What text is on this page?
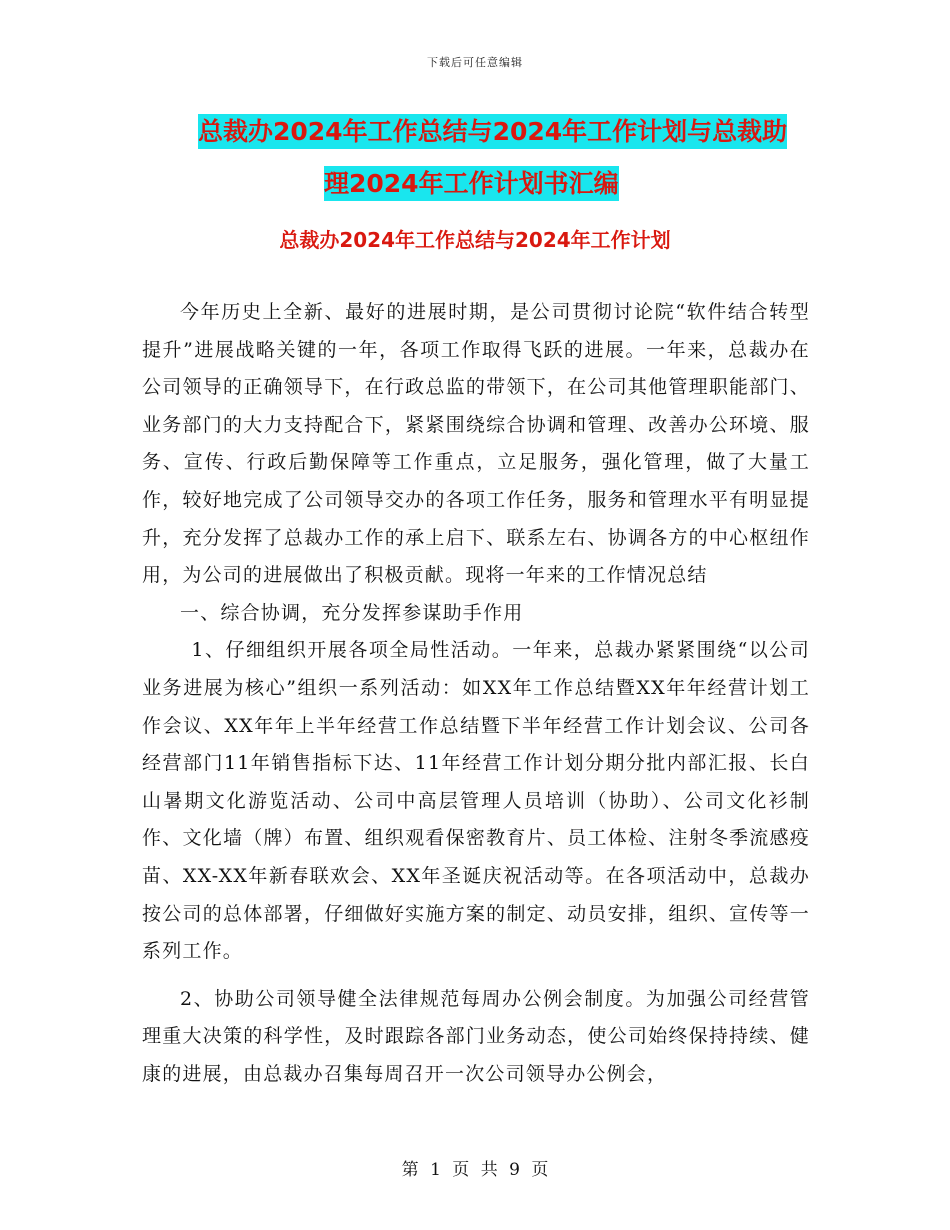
下载后可任意编辑
总裁办2024年工作总结与2024年工作计划与总裁助
理2024年工作计划书汇编
总裁办2024年工作总结与2024年工作计划

今年历史上全新、最好的进展时期，是公司贯彻讨论院“软件结合转型提升”进展战略关键的一年，各项工作取得飞跃的进展。一年来，总裁办在公司领导的正确领导下，在行政总监的带领下，在公司其他管理职能部门、业务部门的大力支持配合下，紧紧围绕综合协调和管理、改善办公环境、服务、宣传、行政后勤保障等工作重点，立足服务，强化管理，做了大量工作，较好地完成了公司领导交办的各项工作任务，服务和管理水平有明显提升，充分发挥了总裁办工作的承上启下、联系左右、协调各方的中心枢纽作用，为公司的进展做出了积极贡献。现将一年来的工作情况总结

一、综合协调，充分发挥参谋助手作用

1、仔细组织开展各项全局性活动。一年来，总裁办紧紧围绕“以公司业务进展为核心”组织一系列活动：如XX年工作总结暨XX年年经营计划工作会议、XX年年上半年经营工作总结暨下半年经营工作计划会议、公司各经营部门11年销售指标下达、11年经营工作计划分期分批内部汇报、长白山暑期文化游览活动、公司中高层管理人员培训（协助）、公司文化衫制作、文化墙（牌）布置、组织观看保密教育片、员工体检、注射冬季流感疫苗、XX-XX年新春联欢会、XX年圣诞庆祝活动等。在各项活动中，总裁办按公司的总体部署，仔细做好实施方案的制定、动员安排，组织、宣传等一系列工作。

2、协助公司领导健全法律规范每周办公例会制度。为加强公司经营管理重大决策的科学性，及时跟踪各部门业务动态，使公司始终保持持续、健康的进展，由总裁办召集每周召开一次公司领导办公例会，

第 1 页 共 9 页
